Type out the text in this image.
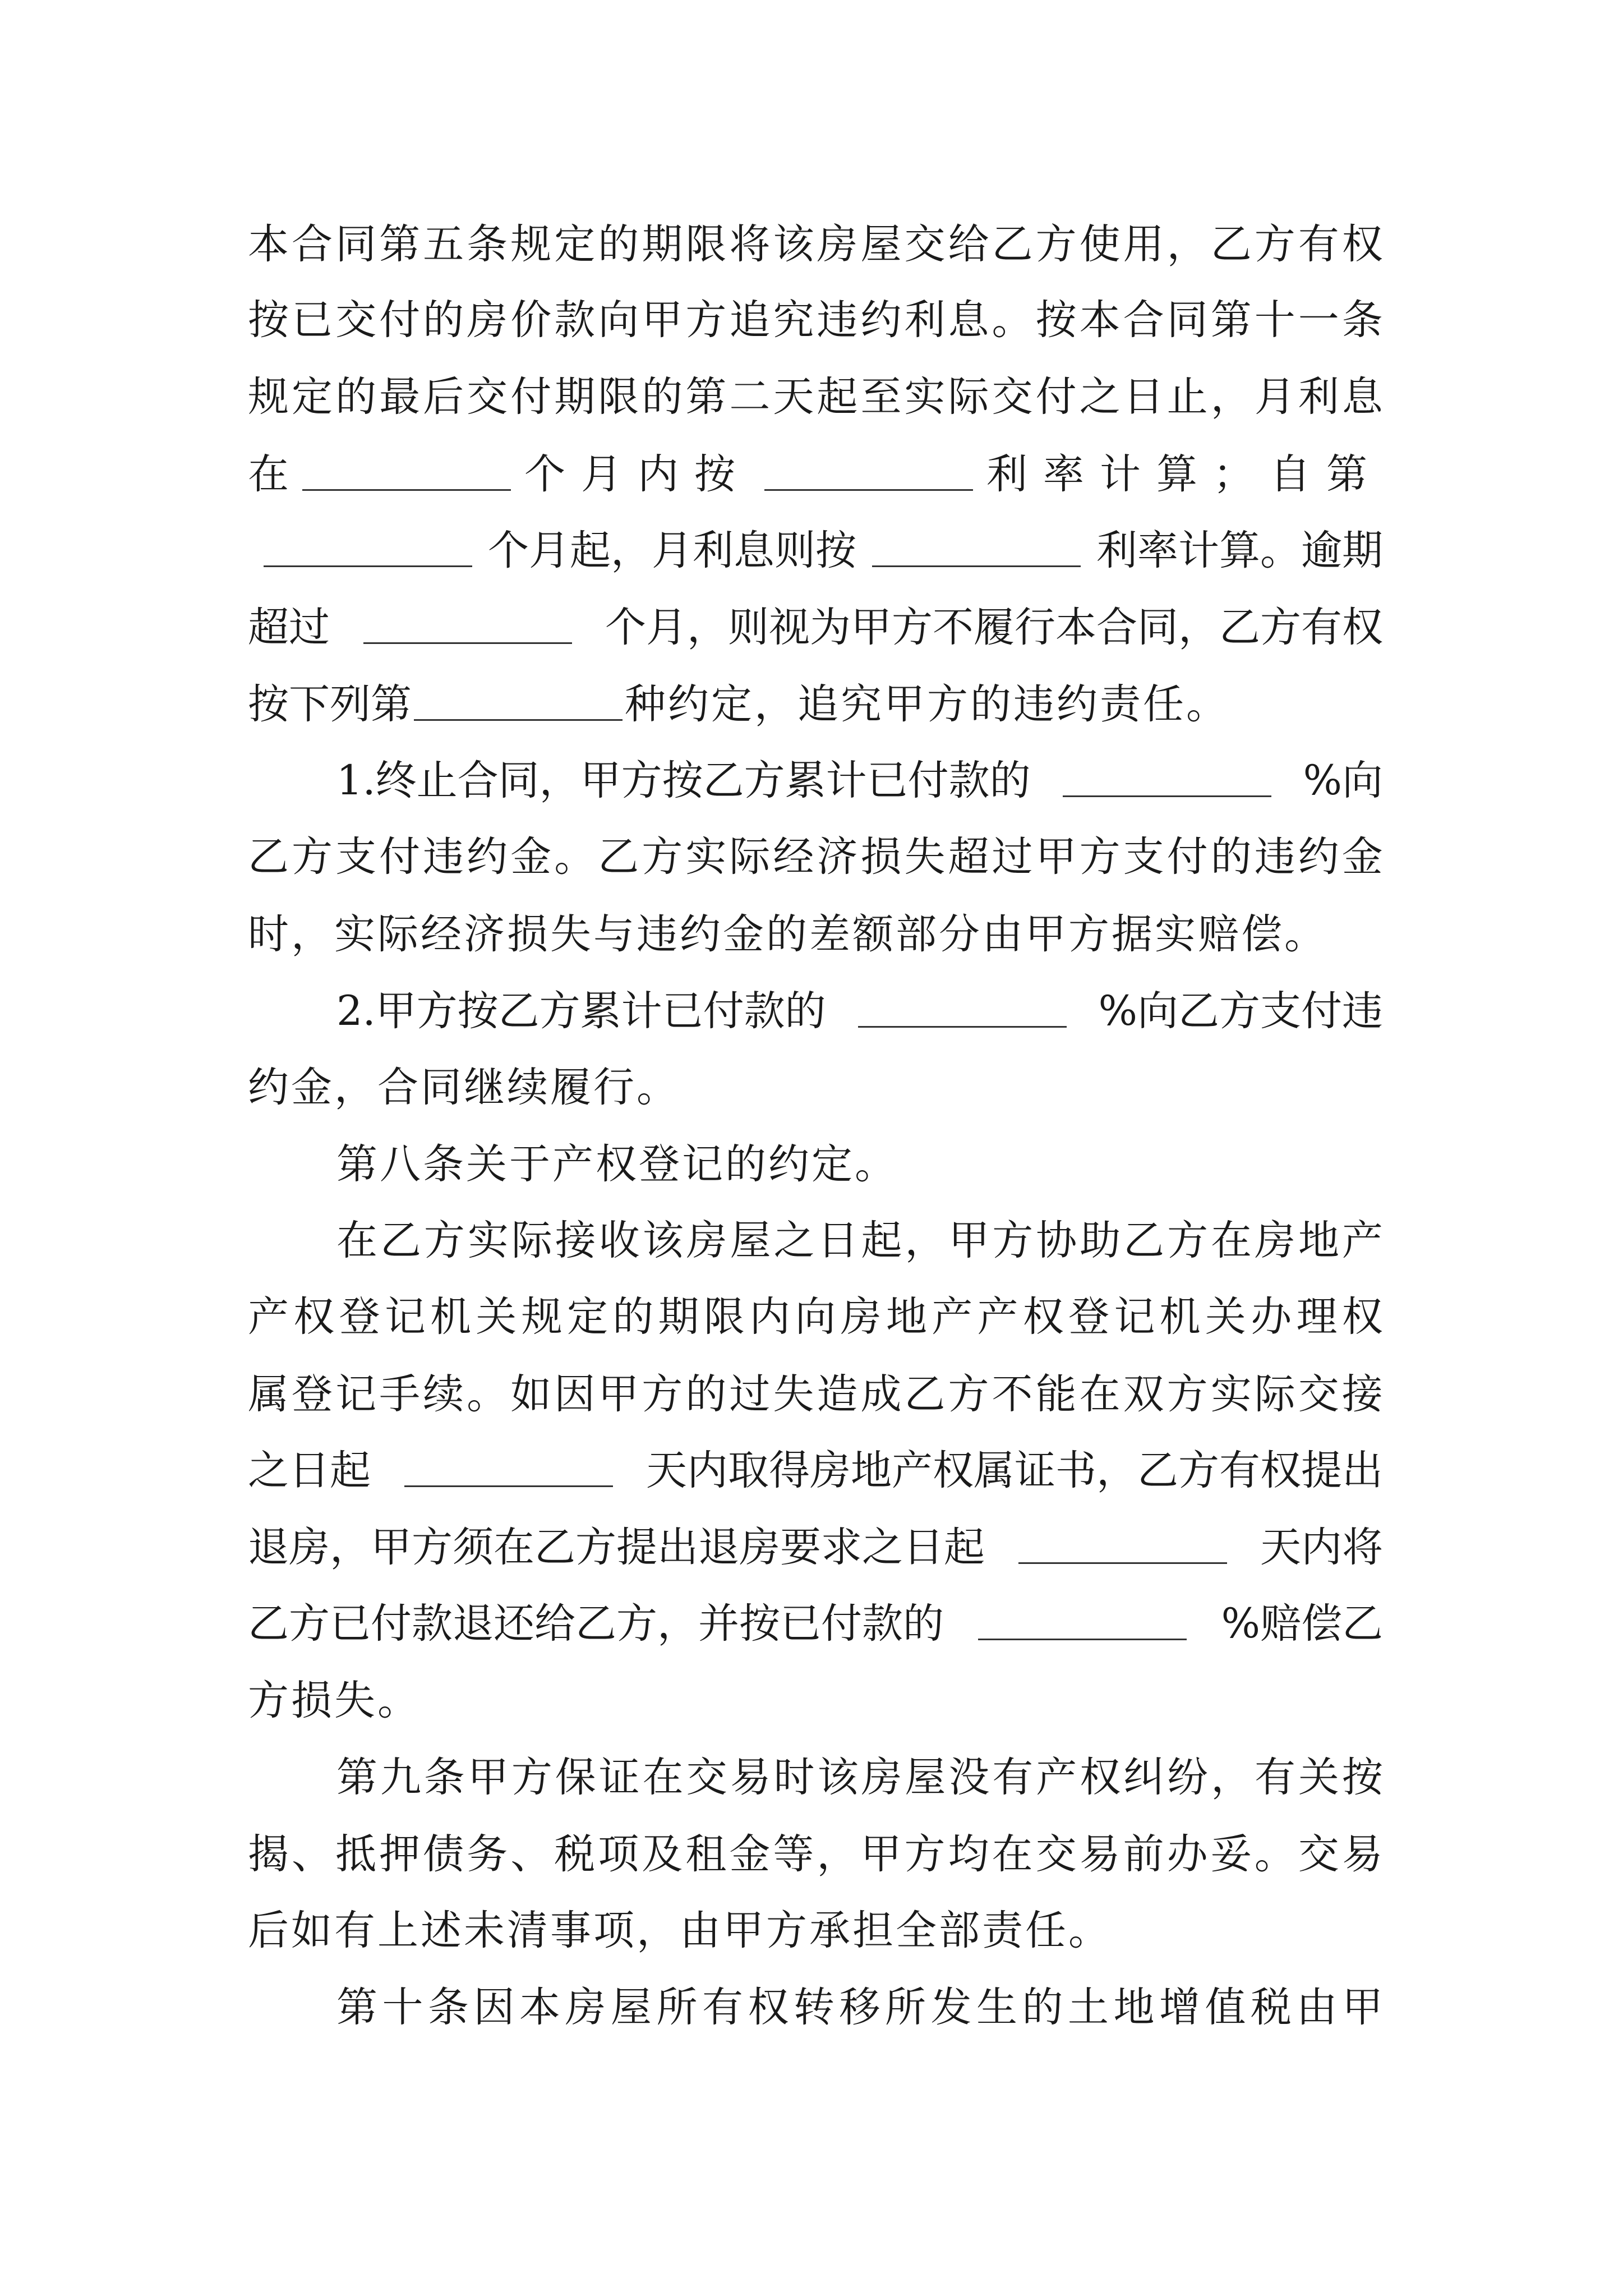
本 合 同 第 五 条 规 定 的 期 限 将 该 房 屋 交 给 乙 方 使 用 ， 乙 方 有 权
按 已 交 付 的 房 价 款 向 甲 方 追 究 违 约 利 息 。 按 本 合 同 第 十 一 条
规 定 的 最 后 交 付 期 限 的 第 二 天 起 至 实 际 交 付 之 日 止 ， 月 利 息
在	个月内按	利率计算；自第
个月起，月利息则按	利率计算。逾期
超过	个月，则视为甲方不履行本合同，乙方有权
按下列第	种约定，追究甲方的违约责任。
1.终止合同，甲方按乙方累计已付款的	%向
乙 方 支 付 违 约 金 。 乙 方 实 际 经 济 损 失 超 过 甲 方 支 付 的 违 约 金
时，实际经济损失与违约金的差额部分由甲方据实赔偿。
2.甲方按乙方累计已付款的	%向乙方支付违
约金，合同继续履行。
第八条关于产权登记的约定。
在 乙 方 实 际 接 收 该 房 屋 之 日 起 ， 甲 方 协 助 乙 方 在 房 地 产
产 权 登 记 机 关 规 定 的 期 限 内 向 房 地 产 产 权 登 记 机 关 办 理 权
属 登 记 手 续 。 如 因 甲 方 的 过 失 造 成 乙 方 不 能 在 双 方 实 际 交 接
之日起	天内取得房地产权属证书，乙方有权提出
退房，甲方须在乙方提出退房要求之日起	天内将
乙方已付款退还给乙方，并按已付款的	%赔偿乙
方损失。
第 九 条 甲 方 保 证 在 交 易 时 该 房 屋 没 有 产 权 纠 纷 ， 有 关 按
揭 、 抵 押 债 务 、 税 项 及 租 金 等 ， 甲 方 均 在 交 易 前 办 妥 。 交 易
后如有上述未清事项，由甲方承担全部责任。
第 十 条 因 本 房 屋 所 有 权 转 移 所 发 生 的 土 地 增 值 税 由 甲
